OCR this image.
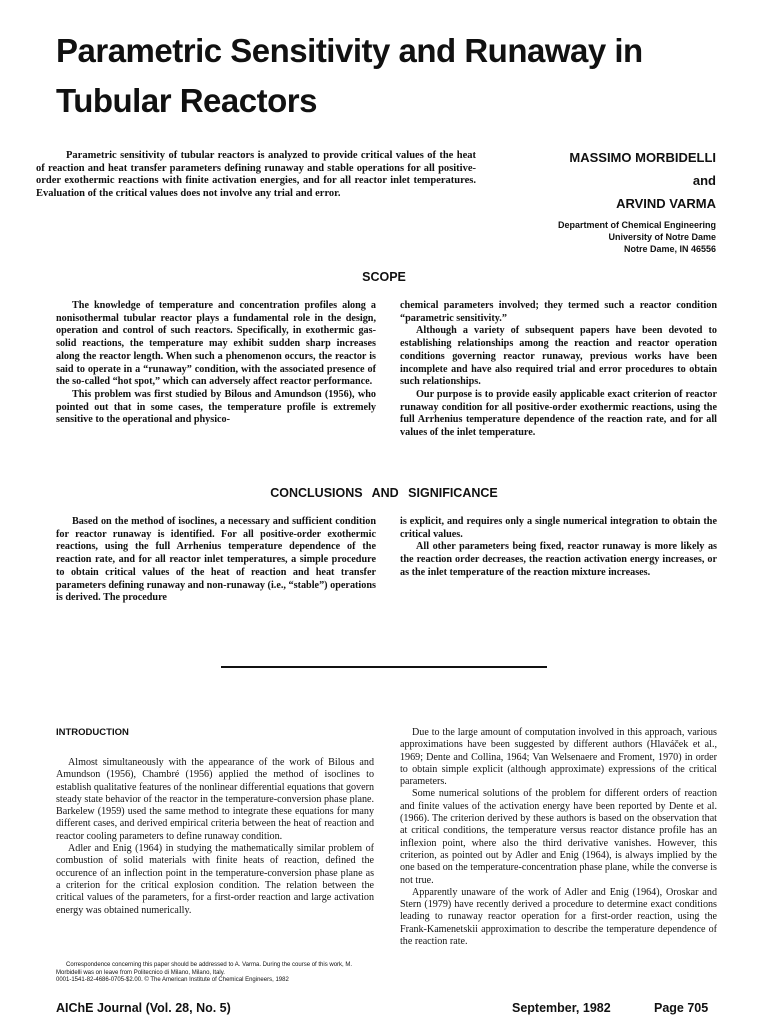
Parametric Sensitivity and Runaway in Tubular Reactors
Parametric sensitivity of tubular reactors is analyzed to provide critical values of the heat of reaction and heat transfer parameters defining runaway and stable operations for all positive-order exothermic reactions with finite activation energies, and for all reactor inlet temperatures. Evaluation of the critical values does not involve any trial and error.
MASSIMO MORBIDELLI
and
ARVIND VARMA
Department of Chemical Engineering
University of Notre Dame
Notre Dame, IN 46556
SCOPE

The knowledge of temperature and concentration profiles along a nonisothermal tubular reactor plays a fundamental role in the design, operation and control of such reactors. Specifically, in exothermic gas-solid reactions, the temperature may exhibit sudden sharp increases along the reactor length. When such a phenomenon occurs, the reactor is said to operate in a “runaway” condition, with the associated presence of the so-called “hot spot,” which can adversely affect reactor performance.

This problem was first studied by Bilous and Amundson (1956), who pointed out that in some cases, the temperature profile is extremely sensitive to the operational and physico-

chemical parameters involved; they termed such a reactor condition “parametric sensitivity.”

Although a variety of subsequent papers have been devoted to establishing relationships among the reaction and reactor operation conditions governing reactor runaway, previous works have been incomplete and have also required trial and error procedures to obtain such relationships.

Our purpose is to provide easily applicable exact criterion of reactor runaway condition for all positive-order exothermic reactions, using the full Arrhenius temperature dependence of the reaction rate, and for all values of the inlet temperature.

CONCLUSIONS AND SIGNIFICANCE

Based on the method of isoclines, a necessary and sufficient condition for reactor runaway is identified. For all positive-order exothermic reactions, using the full Arrhenius temperature dependence of the reaction rate, and for all reactor inlet temperatures, a simple procedure to obtain critical values of the heat of reaction and heat transfer parameters defining runaway and non-runaway (i.e., “stable”) operations is derived. The procedure

is explicit, and requires only a single numerical integration to obtain the critical values.

All other parameters being fixed, reactor runaway is more likely as the reaction order decreases, the reaction activation energy increases, or as the inlet temperature of the reaction mixture increases.

INTRODUCTION

Almost simultaneously with the appearance of the work of Bilous and Amundson (1956), Chambré (1956) applied the method of isoclines to establish qualitative features of the nonlinear differential equations that govern steady state behavior of the reactor in the temperature-conversion phase plane. Barkelew (1959) used the same method to integrate these equations for many different cases, and derived empirical criteria between the heat of reaction and reactor cooling parameters to define runaway condition.

Adler and Enig (1964) in studying the mathematically similar problem of combustion of solid materials with finite heats of reaction, defined the occurence of an inflection point in the temperature-conversion phase plane as a criterion for the critical explosion condition. The relation between the critical values of the parameters, for a first-order reaction and large activation energy was obtained numerically.

Due to the large amount of computation involved in this approach, various approximations have been suggested by different authors (Hlaváček et al., 1969; Dente and Collina, 1964; Van Welsenaere and Froment, 1970) in order to obtain simple explicit (although approximate) expressions of the critical parameters.

Some numerical solutions of the problem for different orders of reaction and finite values of the activation energy have been reported by Dente et al. (1966). The criterion derived by these authors is based on the observation that at critical conditions, the temperature versus reactor distance profile has an inflexion point, where also the third derivative vanishes. However, this criterion, as pointed out by Adler and Enig (1964), is always implied by the one based on the temperature-concentration phase plane, while the converse is not true.

Apparently unaware of the work of Adler and Enig (1964), Oroskar and Stern (1979) have recently derived a procedure to determine exact conditions leading to runaway reactor operation for a first-order reaction, using the Frank-Kamenetskii approximation to describe the temperature dependence of the reaction rate.

Correspondence concerning this paper should be addressed to A. Varma. During the course of this work, M. Morbidelli was on leave from Politecnico di Milano, Milano, Italy.
0001-1541-82-4686-0705-$2.00. © The American Institute of Chemical Engineers, 1982
AIChE Journal (Vol. 28, No. 5)	September, 1982	Page 705
